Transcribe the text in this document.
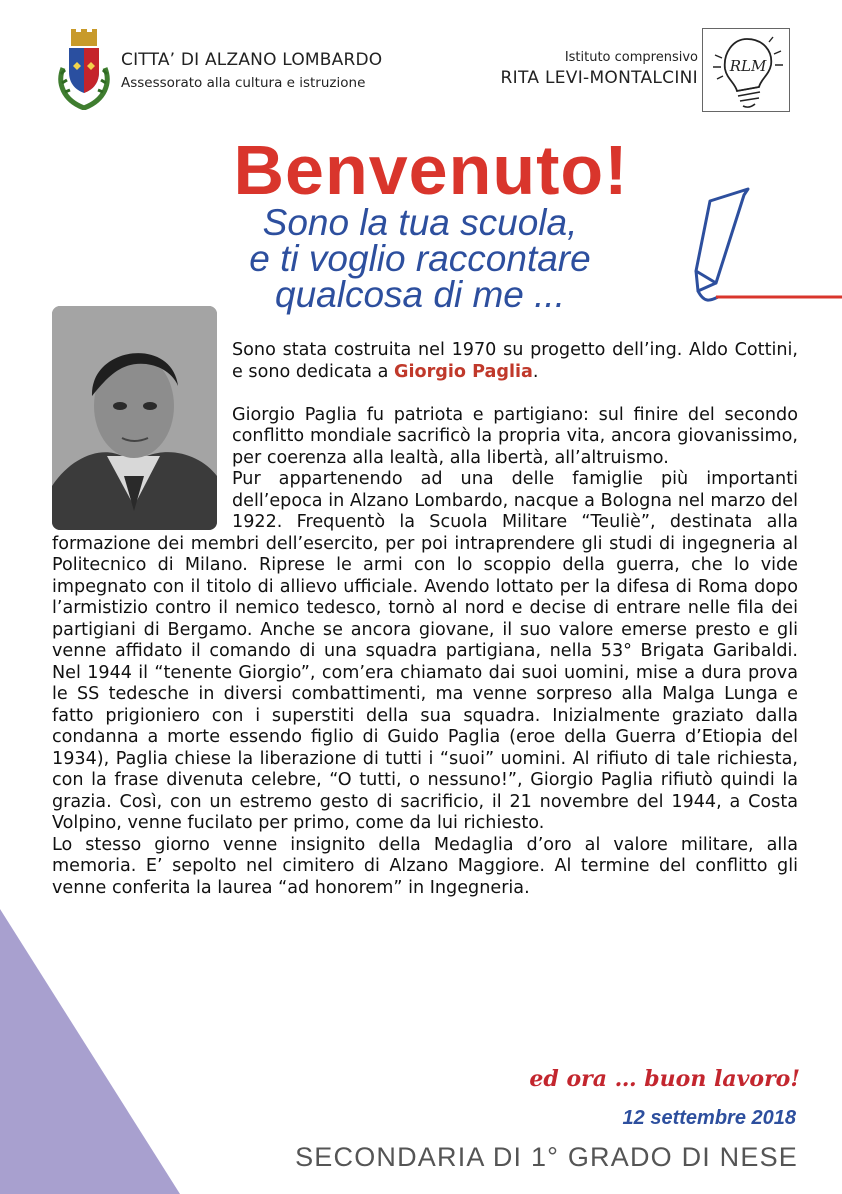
CITTA’ DI ALZANO LOMBARDO
Assessorato alla cultura e istruzione
Istituto comprensivo
RITA LEVI-MONTALCINI
RLM
Benvenuto!
Sono la tua scuola,
e ti voglio raccontare
qualcosa di me ...

Sono stata costruita nel 1970 su progetto dell’ing. Aldo Cottini, e sono dedicata a Giorgio Paglia.

Giorgio Paglia fu patriota e partigiano: sul finire del secondo conflitto mondiale sacrificò la propria vita, ancora giovanissimo, per coerenza alla lealtà, alla libertà, all’altruismo.

Pur appartenendo ad una delle famiglie più importanti dell’epoca in Alzano Lombardo, nacque a Bologna nel marzo del 1922. Frequentò la Scuola Militare “Teuliè”, destinata alla formazione dei membri dell’esercito, per poi intraprendere gli studi di ingegneria al Politecnico di Milano. Riprese le armi con lo scoppio della guerra, che lo vide impegnato con il titolo di allievo ufficiale. Avendo lottato per la difesa di Roma dopo l’armistizio contro il nemico tedesco, tornò al nord e decise di entrare nelle fila dei partigiani di Bergamo. Anche se ancora giovane, il suo valore emerse presto e gli venne affidato il comando di una squadra partigiana, nella 53° Brigata Garibaldi. Nel 1944 il “tenente Giorgio”, com’era chiamato dai suoi uomini, mise a dura prova le SS tedesche in diversi combattimenti, ma venne sorpreso alla Malga Lunga e fatto prigioniero con i superstiti della sua squadra. Inizialmente graziato dalla condanna a morte essendo figlio di Guido Paglia (eroe della Guerra d’Etiopia del 1934), Paglia chiese la liberazione di tutti i “suoi” uomini. Al rifiuto di tale richiesta, con la frase divenuta celebre, “O tutti, o nessuno!”, Giorgio Paglia rifiutò quindi la grazia. Così, con un estremo gesto di sacrificio, il 21 novembre del 1944, a Costa Volpino, venne fucilato per primo, come da lui richiesto.

Lo stesso giorno venne insignito della Medaglia d’oro al valore militare, alla memoria. E’ sepolto nel cimitero di Alzano Maggiore. Al termine del conflitto gli venne conferita la laurea “ad honorem” in Ingegneria.

ed ora … buon lavoro!
12 settembre 2018
SECONDARIA DI 1° GRADO DI NESE
